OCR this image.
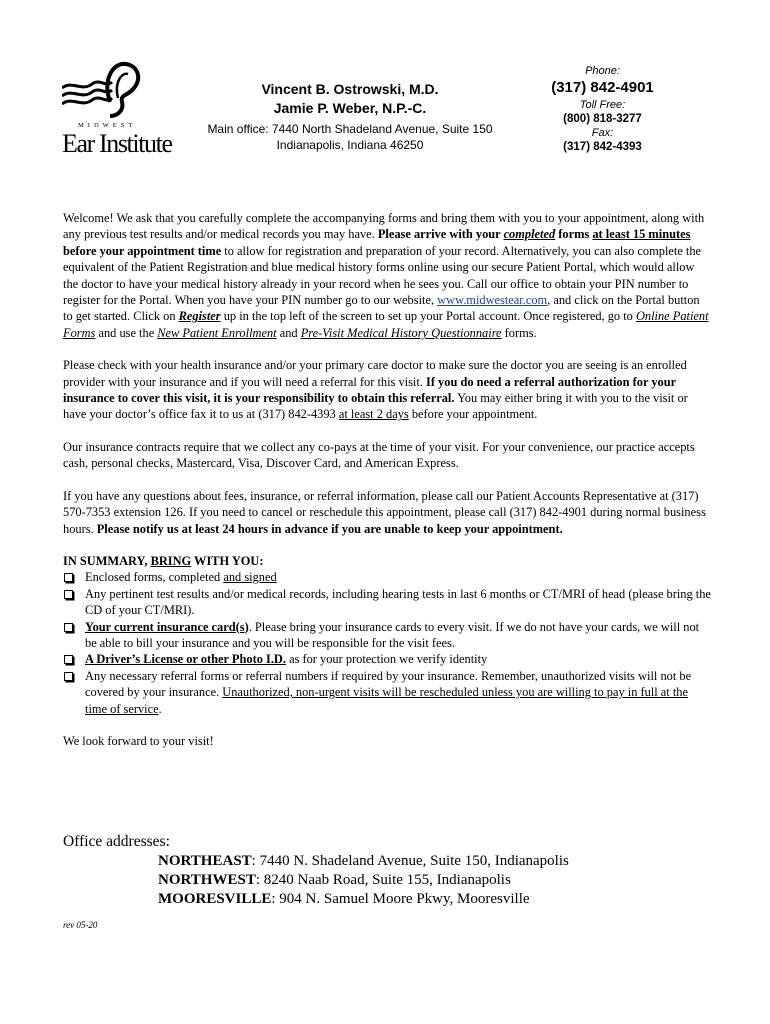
MIDWEST
Ear Institute
Vincent B. Ostrowski, M.D.
Jamie P. Weber, N.P.-C.
Main office: 7440 North Shadeland Avenue, Suite 150
Indianapolis, Indiana 46250
Phone:
(317) 842-4901
Toll Free:
(800) 818-3277
Fax:
(317) 842-4393

Welcome! We ask that you carefully complete the accompanying forms and bring them with you to your appointment, along with any previous test results and/or medical records you may have. Please arrive with your completed forms at least 15 minutes before your appointment time to allow for registration and preparation of your record. Alternatively, you can also complete the equivalent of the Patient Registration and blue medical history forms online using our secure Patient Portal, which would allow the doctor to have your medical history already in your record when he sees you. Call our office to obtain your PIN number to register for the Portal. When you have your PIN number go to our website, www.midwestear.com, and click on the Portal button to get started. Click on Register up in the top left of the screen to set up your Portal account. Once registered, go to Online Patient Forms and use the New Patient Enrollment and Pre-Visit Medical History Questionnaire forms.

Please check with your health insurance and/or your primary care doctor to make sure the doctor you are seeing is an enrolled provider with your insurance and if you will need a referral for this visit. If you do need a referral authorization for your insurance to cover this visit, it is your responsibility to obtain this referral. You may either bring it with you to the visit or have your doctor’s office fax it to us at (317) 842-4393 at least 2 days before your appointment.

Our insurance contracts require that we collect any co-pays at the time of your visit. For your convenience, our practice accepts cash, personal checks, Mastercard, Visa, Discover Card, and American Express.

If you have any questions about fees, insurance, or referral information, please call our Patient Accounts Representative at (317) 570-7353 extension 126. If you need to cancel or reschedule this appointment, please call (317) 842-4901 during normal business hours. Please notify us at least 24 hours in advance if you are unable to keep your appointment.

IN SUMMARY, BRING WITH YOU:
Enclosed forms, completed and signed
Any pertinent test results and/or medical records, including hearing tests in last 6 months or CT/MRI of head (please bring the CD of your CT/MRI).
Your current insurance card(s). Please bring your insurance cards to every visit. If we do not have your cards, we will not be able to bill your insurance and you will be responsible for the visit fees.
A Driver’s License or other Photo I.D. as for your protection we verify identity
Any necessary referral forms or referral numbers if required by your insurance. Remember, unauthorized visits will not be covered by your insurance. Unauthorized, non-urgent visits will be rescheduled unless you are willing to pay in full at the time of service.

We look forward to your visit!

Office addresses:
NORTHEAST: 7440 N. Shadeland Avenue, Suite 150, Indianapolis
NORTHWEST: 8240 Naab Road, Suite 155, Indianapolis
MOORESVILLE: 904 N. Samuel Moore Pkwy, Mooresville
rev 05-20
